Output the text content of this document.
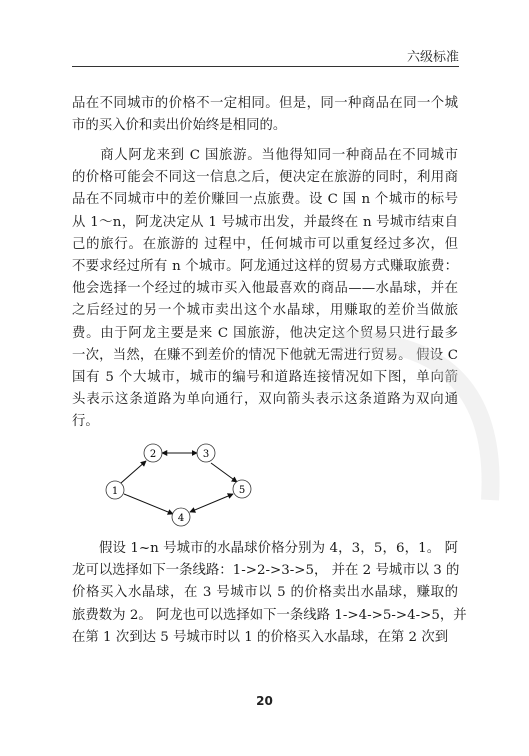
六级标准
品在不同城市的价格不一定相同。但是，同一种商品在同一个城
市的买入价和卖出价始终是相同的。
　　商人阿龙来到 C 国旅游。当他得知同一种商品在不同城市
的价格可能会不同这一信息之后，便决定在旅游的同时，利用商
品在不同城市中的差价赚回一点旅费。设 C 国 n 个城市的标号
从 1～n，阿龙决定从 1 号城市出发，并最终在 n 号城市结束自
己的旅行。在旅游的 过程中，任何城市可以重复经过多次，但
不要求经过所有 n 个城市。阿龙通过这样的贸易方式赚取旅费：
他会选择一个经过的城市买入他最喜欢的商品——水晶球，并在
之后经过的另一个城市卖出这个水晶球，用赚取的差价当做旅
费。由于阿龙主要是来 C 国旅游，他决定这个贸易只进行最多
一次，当然，在赚不到差价的情况下他就无需进行贸易。 假设 C
国有 5 个大城市，城市的编号和道路连接情况如下图，单向箭
头表示这条道路为单向通行，双向箭头表示这条道路为双向通
行。
1
2	3
4
5
　　假设 1~n 号城市的水晶球价格分别为 4，3，5，6，1。 阿
龙可以选择如下一条线路：1->2->3->5， 并在 2 号城市以 3 的
价格买入水晶球，在 3 号城市以 5 的价格卖出水晶球，赚取的
旅费数为 2。 阿龙也可以选择如下一条线路 1->4->5->4->5，并
在第 1 次到达 5 号城市时以 1 的价格买入水晶球，在第 2 次到
20
